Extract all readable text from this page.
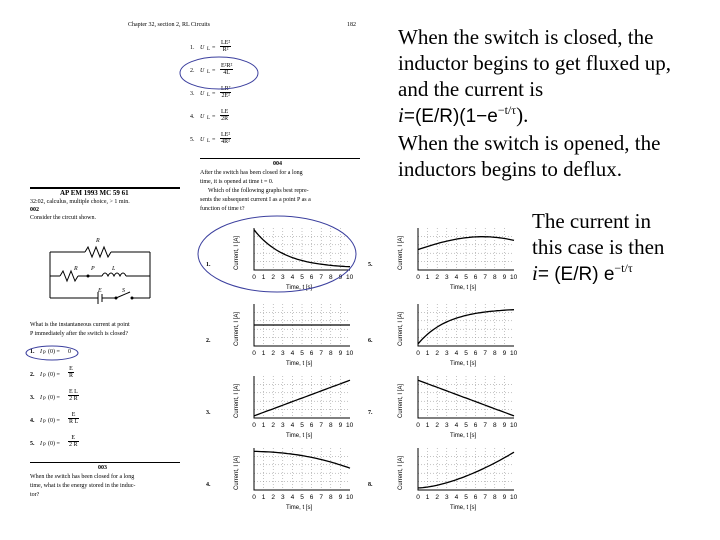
Chapter 32, section 2, RL Circuits	182
1. U $L = \frac{\text{LE²}}{\text{R²}}$
2. U $L = \frac{\text{E²R²}}{4L}$
3. U $L = \frac{\text{LR²}}{\text{2E²}}$
4. U $L = \frac{LE}{2R}$
5. U $L = \frac{\text{LE²}}{\text{4R²}}$
AP EM 1993 MC 59 61
32:02, calculus, multiple choice, > 1 min.
002
Consider the circuit shown.
R
R P	L
E	S
What is the instantaneous current at point
P immediately after the switch is closed?
1. I P (0) = 0
2. I P $(0) = \frac{E}{R}$
3. I P $(0) = \frac{\text{E L}}{2 R}$
4. I P $(0) = \frac{E}{\text{R L}}$
5. I P $(0) = \frac{E}{2 R}$
003
When the switch has been closed for a long
time, what is the energy stored in the induc-
tor?
004
After the switch has been closed for a long
time, it is opened at time t = 0.
Which of the following graphs best repre-
sents the subsequent current I as a point P as a
function of time t?
1.	Current, I [A]
0 1 2 3 4 5 6 7 8 9 10
Time, t [s]
5.	Current, I [A]
0 1 2 3 4 5 6 7 8 9 10
Time, t [s]
2.	Current, I [A]
0 1 2 3 4 5 6 7 8 9 10
Time, t [s]
6.	Current, I [A]
0 1 2 3 4 5 6 7 8 9 10
Time, t [s]
3.	Current, I [A]
0 1 2 3 4 5 6 7 8 9 10
Time, t [s]
7.	Current, I [A]
0 1 2 3 4 5 6 7 8 9 10
Time, t [s]
4.	Current, I [A]
0 1 2 3 4 5 6 7 8 9 10
Time, t [s]
8.	Current, I [A]
0 1 2 3 4 5 6 7 8 9 10
Time, t [s]
When the switch is closed, the
inductor begins to get fluxed up,
and the current is
$i=(E/R)(1-e^{-t/\tau})$.
When the switch is opened, the
inductors begins to deflux.
The current in
this case is then
i= (E/R) $e^{-t/\tau}$
